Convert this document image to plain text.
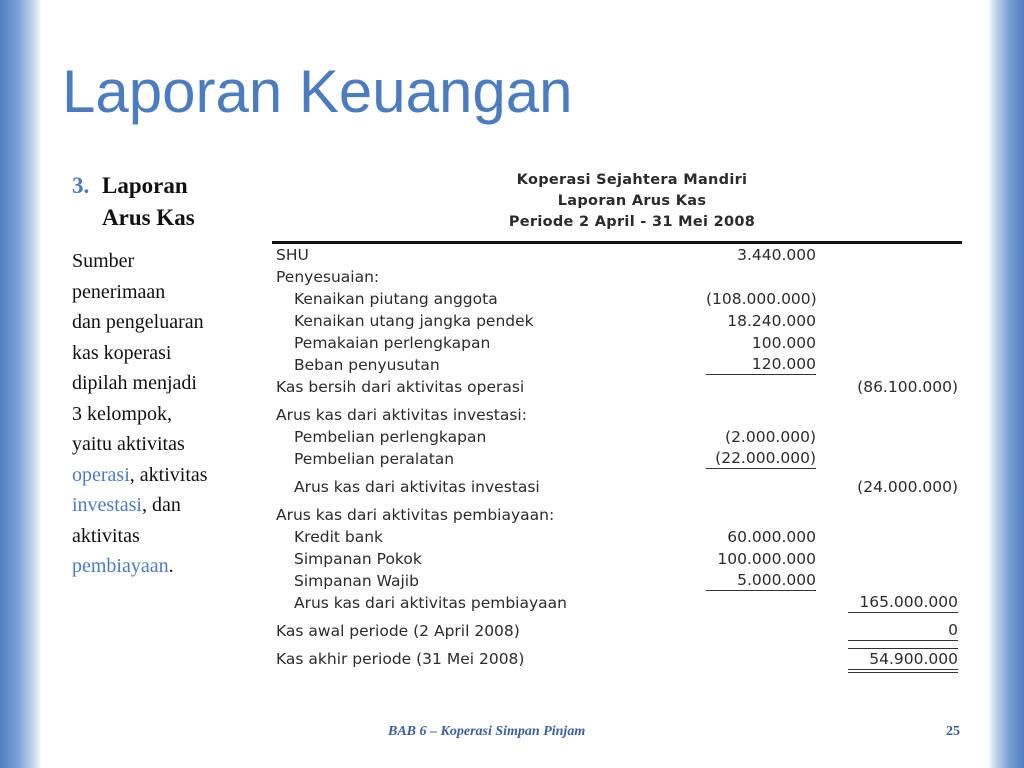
Laporan Keuangan
3. Laporan
Arus Kas
Sumber
penerimaan
dan pengeluaran
kas koperasi
dipilah menjadi
3 kelompok,
yaitu aktivitas
operasi, aktivitas
investasi, dan
aktivitas
pembiayaan.
Koperasi Sejahtera Mandiri
Laporan Arus Kas
Periode 2 April - 31 Mei 2008
SHU	3.440.000
Penyesuaian:
Kenaikan piutang anggota	(108.000.000)
Kenaikan utang jangka pendek	18.240.000
Pemakaian perlengkapan	100.000
Beban penyusutan	120.000
Kas bersih dari aktivitas operasi	(86.100.000)
Arus kas dari aktivitas investasi:
Pembelian perlengkapan	(2.000.000)
Pembelian peralatan	(22.000.000)
Arus kas dari aktivitas investasi	(24.000.000)
Arus kas dari aktivitas pembiayaan:
Kredit bank	60.000.000
Simpanan Pokok	100.000.000
Simpanan Wajib	5.000.000
Arus kas dari aktivitas pembiayaan	165.000.000
Kas awal periode (2 April 2008)	0
Kas akhir periode (31 Mei 2008)	54.900.000
BAB 6 – Koperasi Simpan Pinjam	25
